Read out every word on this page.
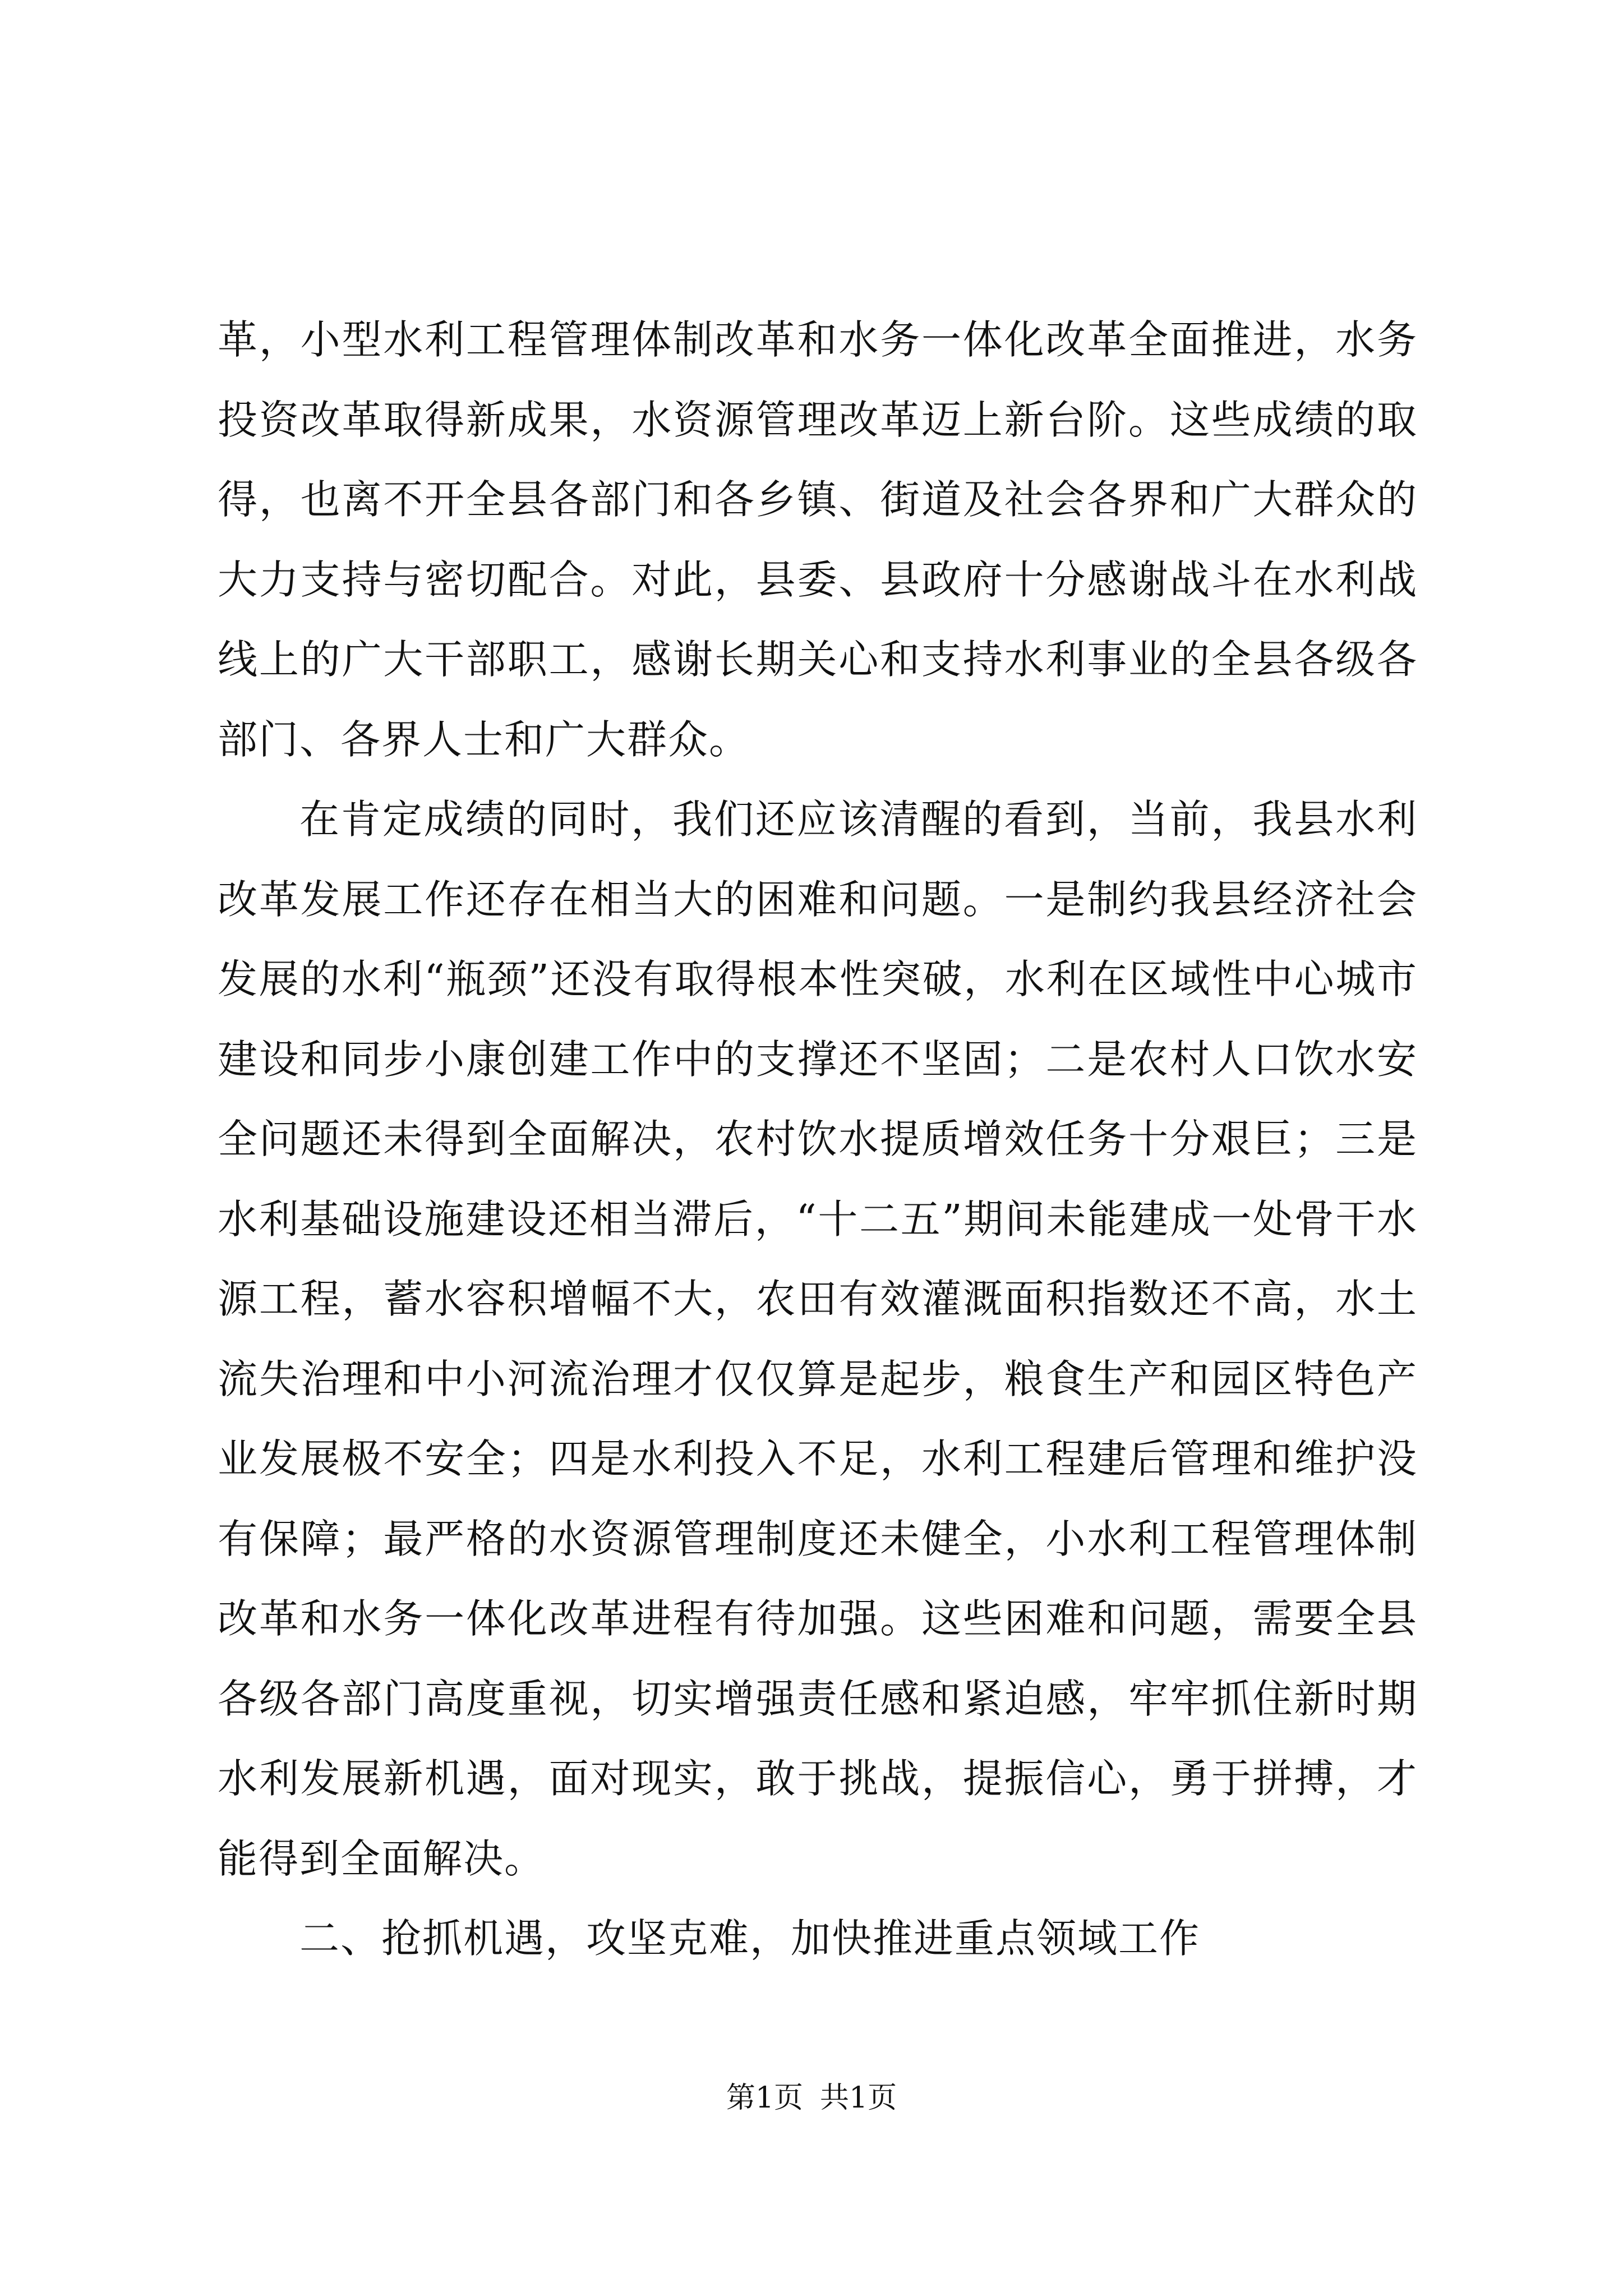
革，小型水利工程管理体制改革和水务一体化改革全面推进，水务投资改革取得新成果，水资源管理改革迈上新台阶。这些成绩的取得，也离不开全县各部门和各乡镇、街道及社会各界和广大群众的大力支持与密切配合。对此，县委、县政府十分感谢战斗在水利战线上的广大干部职工，感谢长期关心和支持水利事业的全县各级各部门、各界人士和广大群众。

在肯定成绩的同时，我们还应该清醒的看到，当前，我县水利改革发展工作还存在相当大的困难和问题。一是制约我县经济社会发展的水利“瓶颈”还没有取得根本性突破，水利在区域性中心城市建设和同步小康创建工作中的支撑还不坚固；二是农村人口饮水安全问题还未得到全面解决，农村饮水提质增效任务十分艰巨；三是水利基础设施建设还相当滞后，“十二五”期间未能建成一处骨干水源工程，蓄水容积增幅不大，农田有效灌溉面积指数还不高，水土流失治理和中小河流治理才仅仅算是起步，粮食生产和园区特色产业发展极不安全；四是水利投入不足，水利工程建后管理和维护没有保障；最严格的水资源管理制度还未健全，小水利工程管理体制改革和水务一体化改革进程有待加强。这些困难和问题，需要全县各级各部门高度重视，切实增强责任感和紧迫感，牢牢抓住新时期水利发展新机遇，面对现实，敢于挑战，提振信心，勇于拼搏，才能得到全面解决。

二、抢抓机遇，攻坚克难，加快推进重点领域工作

第1页 共1页
